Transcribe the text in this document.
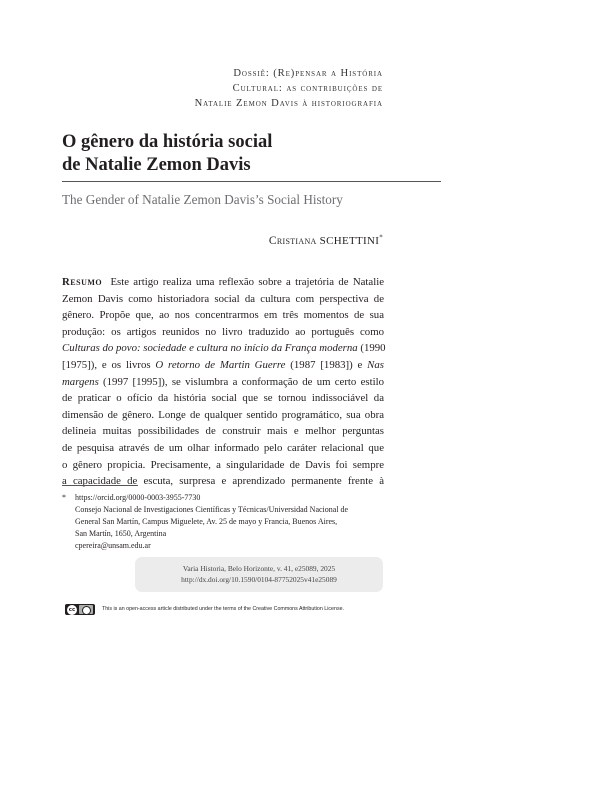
Dossiê: (Re)pensar a História
Cultural: as contribuições de
Natalie Zemon Davis à historiografia
O gênero da história social
de Natalie Zemon Davis
The Gender of Natalie Zemon Davis’s Social History
Cristiana SCHETTINI*
Resumo Este artigo realiza uma reflexão sobre a trajetória de Natalie
Zemon Davis como historiadora social da cultura com perspectiva de
gênero. Propõe que, ao nos concentrarmos em três momentos de sua
produção: os artigos reunidos no livro traduzido ao português como
Culturas do povo: sociedade e cultura no início da França moderna (1990
[1975]), e os livros O retorno de Martin Guerre (1987 [1983]) e Nas
margens (1997 [1995]), se vislumbra a conformação de um certo estilo
de praticar o ofício da história social que se tornou indissociável da
dimensão de gênero. Longe de qualquer sentido programático, sua obra
delineia muitas possibilidades de construir mais e melhor perguntas
de pesquisa através de um olhar informado pelo caráter relacional que
o gênero propicia. Precisamente, a singularidade de Davis foi sempre
a capacidade de escuta, surpresa e aprendizado permanente frente à
* https://orcid.org/0000-0003-3955-7730
Consejo Nacional de Investigaciones Científicas y Técnicas/Universidad Nacional de
General San Martín, Campus Miguelete, Av. 25 de mayo y Francia, Buenos Aires,
San Martín, 1650, Argentina
cpereira@unsam.edu.ar
Varia Historia, Belo Horizonte, v. 41, e25089, 2025
http://dx.doi.org/10.1590/0104-87752025v41e25089
cc	This is an open-access article distributed under the terms of the Creative Commons Attribution License.
